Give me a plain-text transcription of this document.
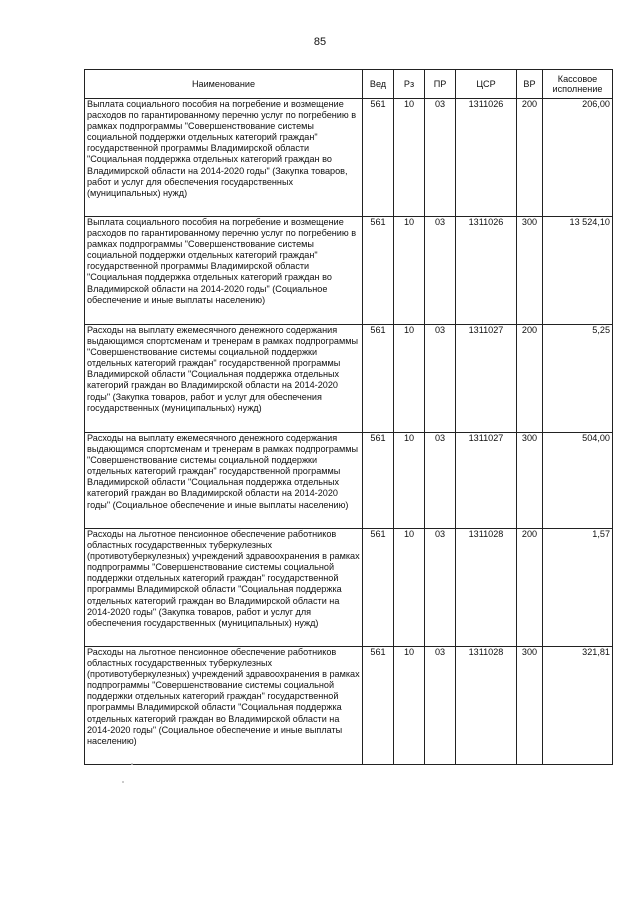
85
Наименование	Вед	Рз	ПР	ЦСР	ВР	Кассовое исполнение
Выплата социального пособия на погребение и возмещение расходов по гарантированному перечню услуг по погребению в рамках подпрограммы "Совершенствование системы социальной поддержки отдельных категорий граждан" государственной программы Владимирской области "Социальная поддержка отдельных категорий граждан во Владимирской области на 2014-2020 годы" (Закупка товаров, работ и услуг для обеспечения государственных (муниципальных) нужд)	561	10	03	1311026	200	206,00
Выплата социального пособия на погребение и возмещение расходов по гарантированному перечню услуг по погребению в рамках подпрограммы "Совершенствование системы социальной поддержки отдельных категорий граждан" государственной программы Владимирской области "Социальная поддержка отдельных категорий граждан во Владимирской области на 2014-2020 годы" (Социальное обеспечение и иные выплаты населению)	561	10	03	1311026	300	13 524,10
Расходы на выплату ежемесячного денежного содержания выдающимся спортсменам и тренерам в рамках подпрограммы "Совершенствование системы социальной поддержки отдельных категорий граждан" государственной программы Владимирской области "Социальная поддержка отдельных категорий граждан во Владимирской области на 2014-2020 годы" (Закупка товаров, работ и услуг для обеспечения государственных (муниципальных) нужд)	561	10	03	1311027	200	5,25
Расходы на выплату ежемесячного денежного содержания выдающимся спортсменам и тренерам в рамках подпрограммы "Совершенствование системы социальной поддержки отдельных категорий граждан" государственной программы Владимирской области "Социальная поддержка отдельных категорий граждан во Владимирской области на 2014-2020 годы" (Социальное обеспечение и иные выплаты населению)	561	10	03	1311027	300	504,00
Расходы на льготное пенсионное обеспечение работников областных государственных туберкулезных (противотуберкулезных) учреждений здравоохранения в рамках подпрограммы "Совершенствование системы социальной поддержки отдельных категорий граждан" государственной программы Владимирской области "Социальная поддержка отдельных категорий граждан во Владимирской области на 2014-2020 годы" (Закупка товаров, работ и услуг для обеспечения государственных (муниципальных) нужд)	561	10	03	1311028	200	1,57
Расходы на льготное пенсионное обеспечение работников областных государственных туберкулезных (противотуберкулезных) учреждений здравоохранения в рамках подпрограммы "Совершенствование системы социальной поддержки отдельных категорий граждан" государственной программы Владимирской области "Социальная поддержка отдельных категорий граждан во Владимирской области на 2014-2020 годы" (Социальное обеспечение и иные выплаты населению)	561	10	03	1311028	300	321,81
